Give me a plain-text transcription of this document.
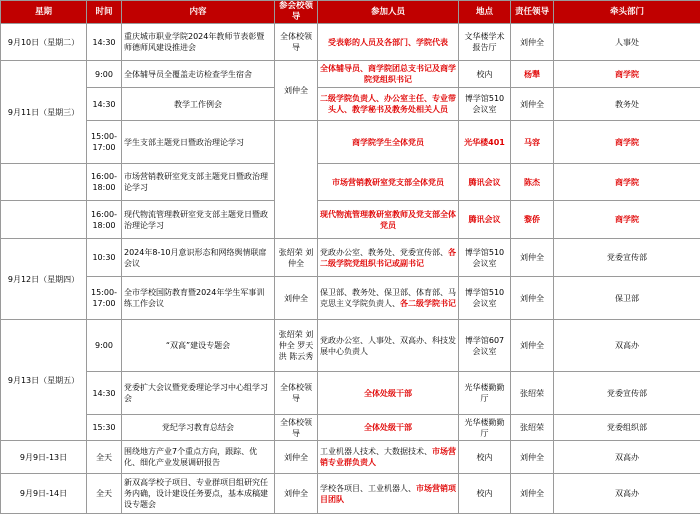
星期	时间	内容	参会校领导	参加人员	地点	责任领导	牵头部门
9月10日（星期二）	14:30	重庆城市职业学院2024年教师节表彰暨师德师风建设推进会	全体校领导	受表彰的人员及各部门、学院代表	文华楼学术报告厅	刘仲全	人事处
9月11日（星期三）	9:00	全体辅导员全覆盖走访检查学生宿舍	刘仲全	全体辅导员、商学院团总支书记及商学院党组织书记	校内	杨犟	商学院
	14:30	教学工作例会		二级学院负责人、办公室主任、专业带头人、教学秘书及教务处相关人员	博学馆510会议室	刘仲全	教务处
	15:00-17:00	学生支部主题党日暨政治理论学习		商学院学生全体党员	光华楼401	马容	商学院
	16:00-18:00	市场营销教研室党支部主题党日暨政治理论学习		市场营销教研室党支部全体党员	腾讯会议	陈杰	商学院
	16:00-18:00	现代物流管理教研室党支部主题党日暨政治理论学习		现代物流管理教研室教师及党支部全体党员	腾讯会议	黎侨	商学院
9月12日（星期四）	10:30	2024年8-10月意识形态和网络舆情联席会议	张绍荣 刘仲全	党政办公室、教务处、党委宣传部、各二级学院党组织书记或副书记	博学馆510会议室	刘仲全	党委宣传部
	15:00-17:00	全市学校国防教育暨2024年学生军事训练工作会议	刘仲全	保卫部、教务处、保卫部、体育部、马克思主义学院负责人、各二级学院书记	博学馆510会议室	刘仲全	保卫部
9月13日（星期五）	9:00	“双高”建设专题会	张绍荣 刘仲全 罗天洪 陈云秀	党政办公室、人事处、双高办、科技发展中心负责人	博学馆607会议室	刘仲全	双高办
	14:30	党委扩大会议暨党委理论学习中心组学习会	全体校领导	全体处级干部	光华楼勤勤厅	张绍荣	党委宣传部
	15:30	党纪学习教育总结会	全体校领导	全体处级干部	光华楼勤勤厅	张绍荣	党委组织部
9月9日-13日	全天	围绕地方产业7个重点方向，跟踪、优化、细化产业发展调研报告	刘仲全	工业机器人技术、大数据技术、市场营销专业群负责人	校内	刘仲全	双高办
9月9日-14日	全天	新双高学校子项目、专业群项目组研究任务内确，设计建设任务要点，基本成稿建设专题会	刘仲全	学校各项目、工业机器人、市场营销项目团队	校内	刘仲全	双高办
